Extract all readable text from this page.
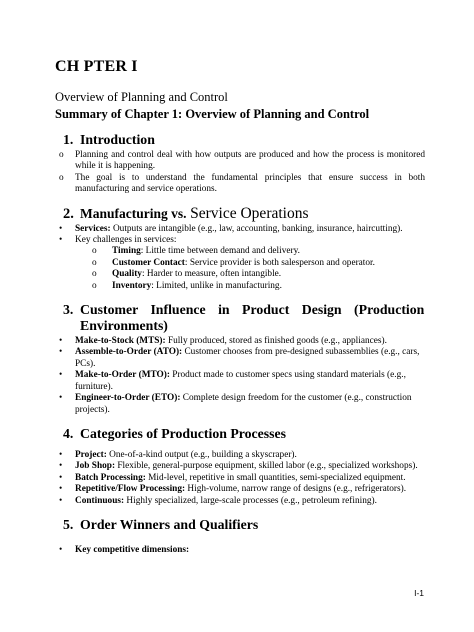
CH PTER I
Overview of Planning and Control
Summary of Chapter 1: Overview of Planning and Control
1. Introduction
o Planning and control deal with how outputs are produced and how the process is monitored while it is happening.
o The goal is to understand the fundamental principles that ensure success in both manufacturing and service operations.
2. Manufacturing vs. Service Operations
• Services: Outputs are intangible (e.g., law, accounting, banking, insurance, haircutting).
• Key challenges in services:
o Timing: Little time between demand and delivery.
o Customer Contact: Service provider is both salesperson and operator.
o Quality: Harder to measure, often intangible.
o Inventory: Limited, unlike in manufacturing.
3. Customer Influence in Product Design (Production
Environments)
• Make-to-Stock (MTS): Fully produced, stored as finished goods (e.g., appliances).
• Assemble-to-Order (ATO): Customer chooses from pre-designed subassemblies (e.g., cars, PCs).
• Make-to-Order (MTO): Product made to customer specs using standard materials (e.g., furniture).
• Engineer-to-Order (ETO): Complete design freedom for the customer (e.g., construction projects).
4. Categories of Production Processes
• Project: One-of-a-kind output (e.g., building a skyscraper).
• Job Shop: Flexible, general-purpose equipment, skilled labor (e.g., specialized workshops).
• Batch Processing: Mid-level, repetitive in small quantities, semi-specialized equipment.
• Repetitive/Flow Processing: High-volume, narrow range of designs (e.g., refrigerators).
• Continuous: Highly specialized, large-scale processes (e.g., petroleum refining).
5. Order Winners and Qualifiers
• Key competitive dimensions:
I-1
